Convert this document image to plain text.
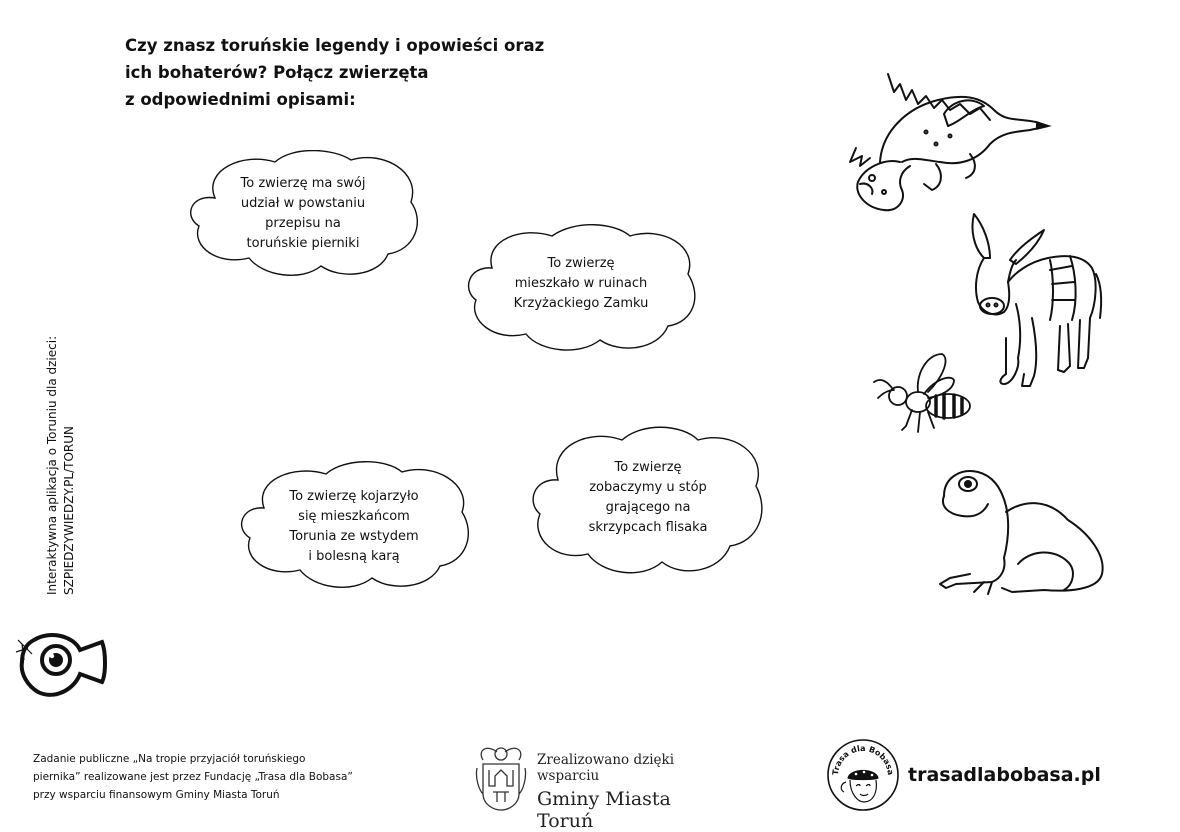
Czy znasz toruńskie legendy i opowieści oraz
ich bohaterów? Połącz zwierzęta
z odpowiednimi opisami:
To zwierzę ma swój
udział w powstaniu
przepisu na
toruńskie pierniki
To zwierzę
mieszkało w ruinach
Krzyżackiego Zamku
To zwierzę kojarzyło
się mieszkańcom
Torunia ze wstydem
i bolesną karą
To zwierzę
zobaczymy u stóp
grającego na
skrzypcach flisaka
Interaktywna aplikacja o Toruniu dla dzieci: SZPIEDZYWIEDZY.PL/TORUN
Zadanie publiczne „Na tropie przyjaciół toruńskiego
piernika” realizowane jest przez Fundację „Trasa dla Bobasa”
przy wsparciu finansowym Gminy Miasta Toruń
Zrealizowano dzięki wsparciu
Gminy Miasta Toruń
Trasa dla Bobasa trasadlabobasa.pl
